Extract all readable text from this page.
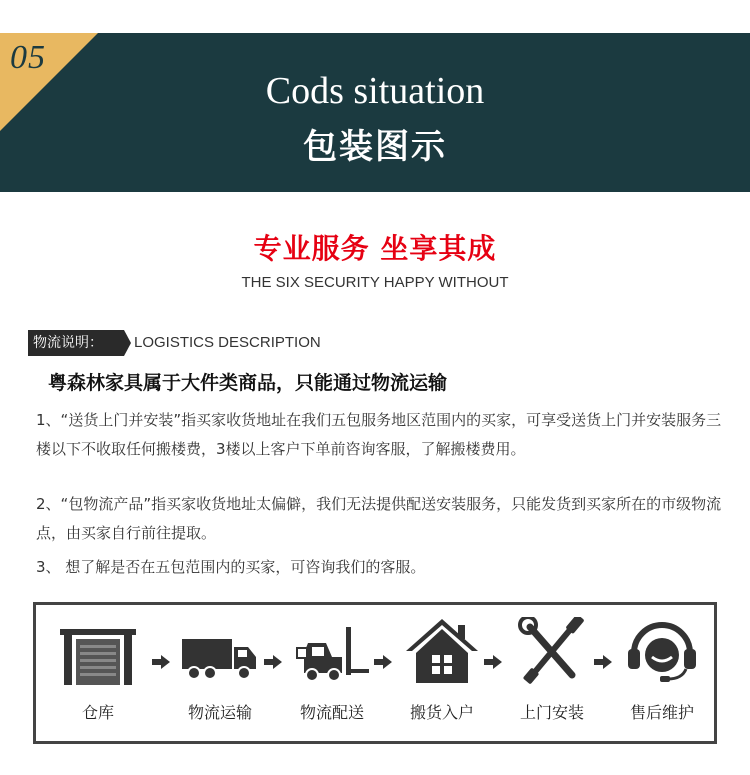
05
Cods situation
包装图示
专业服务 坐享其成
THE SIX SECURITY HAPPY WITHOUT
物流说明：	LOGISTICS DESCRIPTION
粤森林家具属于大件类商品，只能通过物流运输
1、“送货上门并安装”指买家收货地址在我们五包服务地区范围内的买家，可享受送货上门并安装服务三楼以下不收取任何搬楼费，3楼以上客户下单前咨询客服，了解搬楼费用。
2、“包物流产品”指买家收货地址太偏僻，我们无法提供配送安装服务，只能发货到买家所在的市级物流点，由买家自行前往提取。
3、 想了解是否在五包范围内的买家，可咨询我们的客服。
仓库	物流运输	物流配送	搬货入户	上门安装	售后维护
